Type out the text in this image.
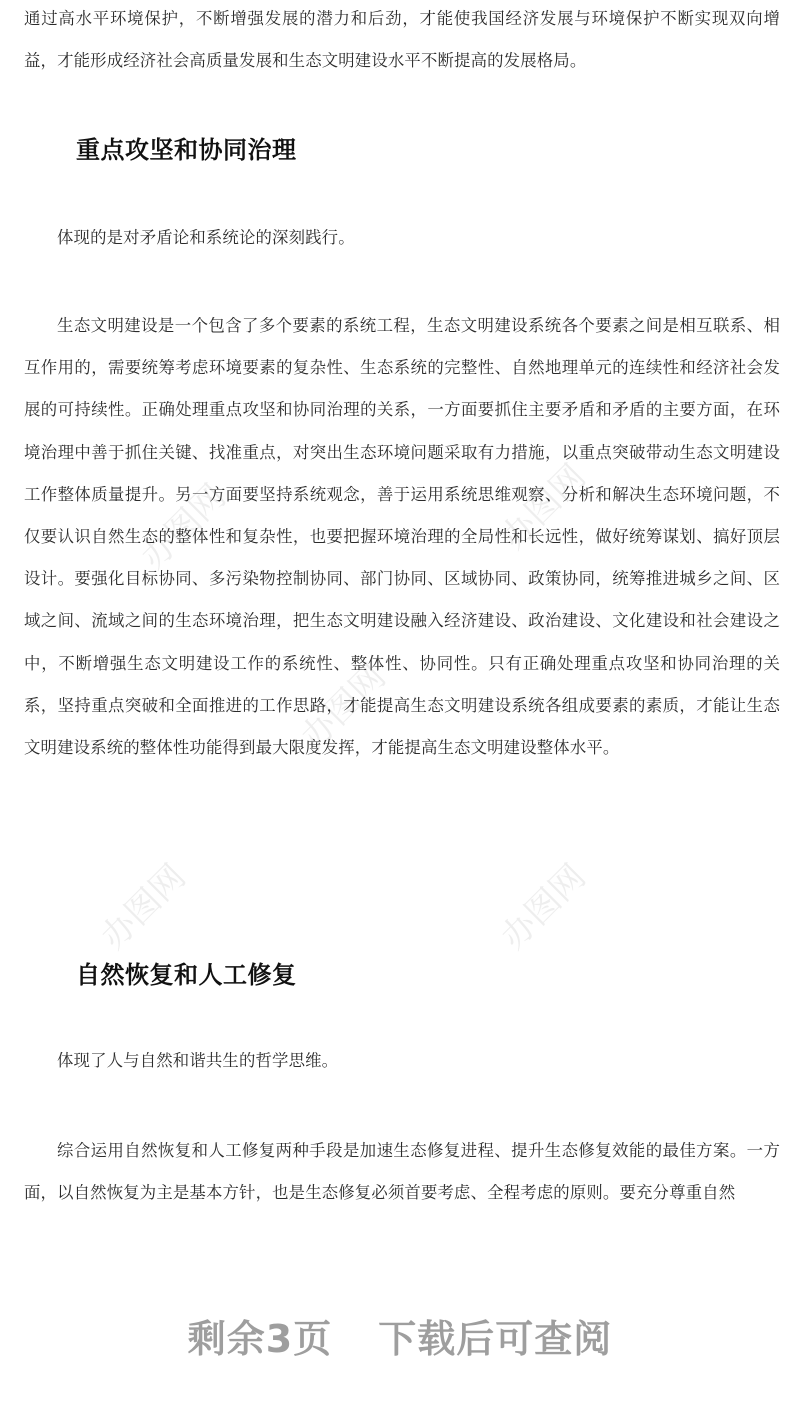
办图网	办图网
办图网
办图网	办图网

通过高水平环境保护，不断增强发展的潜力和后劲，才能使我国经济发展与环境保护不断实现双向增益，才能形成经济社会高质量发展和生态文明建设水平不断提高的发展格局。

重点攻坚和协同治理

体现的是对矛盾论和系统论的深刻践行。

生态文明建设是一个包含了多个要素的系统工程，生态文明建设系统各个要素之间是相互联系、相互作用的，需要统筹考虑环境要素的复杂性、生态系统的完整性、自然地理单元的连续性和经济社会发展的可持续性。正确处理重点攻坚和协同治理的关系，一方面要抓住主要矛盾和矛盾的主要方面，在环境治理中善于抓住关键、找准重点，对突出生态环境问题采取有力措施，以重点突破带动生态文明建设工作整体质量提升。另一方面要坚持系统观念，善于运用系统思维观察、分析和解决生态环境问题，不仅要认识自然生态的整体性和复杂性，也要把握环境治理的全局性和长远性，做好统筹谋划、搞好顶层设计。要强化目标协同、多污染物控制协同、部门协同、区域协同、政策协同，统筹推进城乡之间、区域之间、流域之间的生态环境治理，把生态文明建设融入经济建设、政治建设、文化建设和社会建设之中，不断增强生态文明建设工作的系统性、整体性、协同性。只有正确处理重点攻坚和协同治理的关系，坚持重点突破和全面推进的工作思路，才能提高生态文明建设系统各组成要素的素质，才能让生态文明建设系统的整体性功能得到最大限度发挥，才能提高生态文明建设整体水平。

自然恢复和人工修复

体现了人与自然和谐共生的哲学思维。

综合运用自然恢复和人工修复两种手段是加速生态修复进程、提升生态修复效能的最佳方案。一方面，以自然恢复为主是基本方针，也是生态修复必须首要考虑、全程考虑的原则。要充分尊重自然

剩余3页 下载后可查阅
